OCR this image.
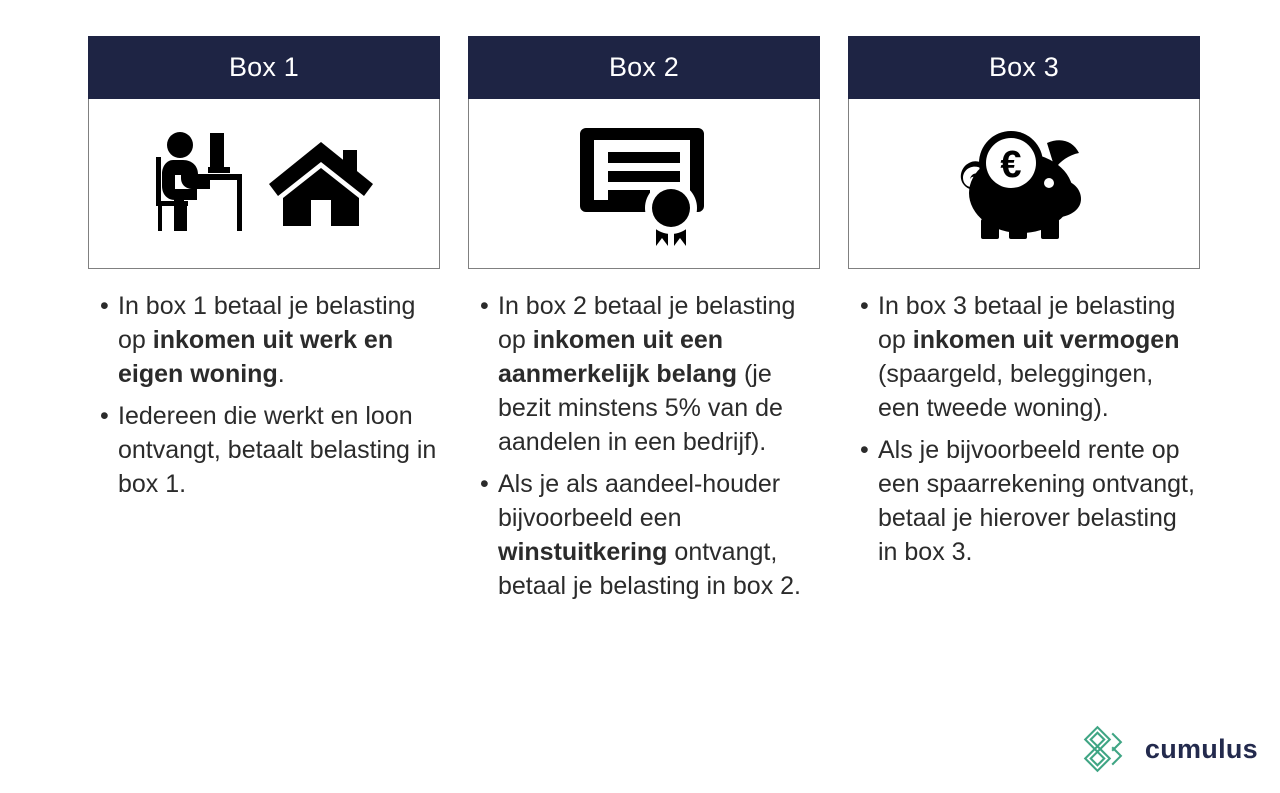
Box 1
• In box 1 betaal je belasting op inkomen uit werk en eigen woning.
• Iedereen die werkt en loon ontvangt, betaalt belasting in box 1.
Box 2
• In box 2 betaal je belasting op inkomen uit een aanmerkelijk belang (je bezit minstens 5% van de aandelen in een bedrijf).
• Als je als aandeel-houder bijvoorbeeld een winstuitkering ontvangt, betaal je belasting in box 2.
Box 3
€
• In box 3 betaal je belasting op inkomen uit vermogen (spaargeld, beleggingen, een tweede woning).
• Als je bijvoorbeeld rente op een spaarrekening ontvangt, betaal je hierover belasting in box 3.
cumulus
